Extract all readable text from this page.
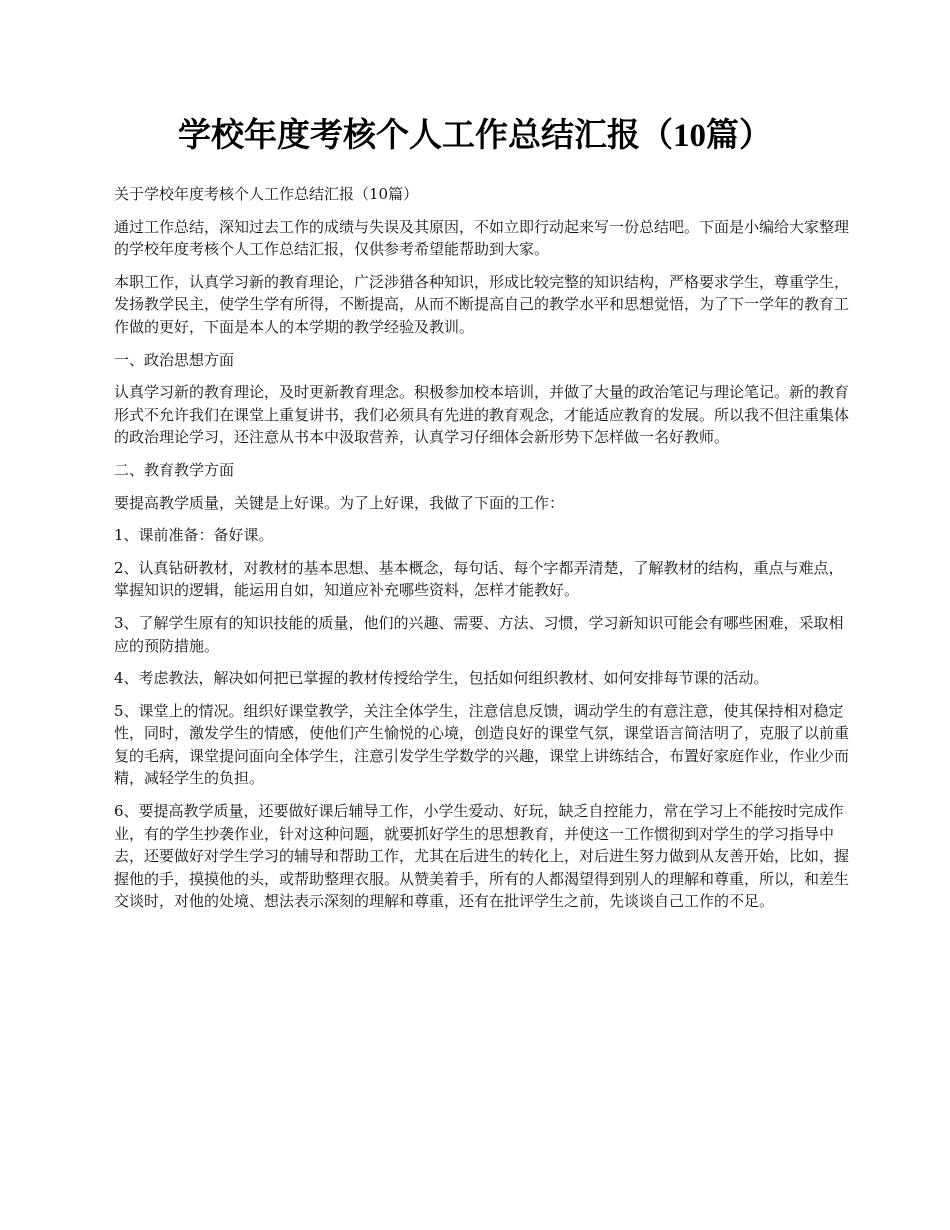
学校年度考核个人工作总结汇报（10篇）

关于学校年度考核个人工作总结汇报（10篇）

通过工作总结，深知过去工作的成绩与失误及其原因，不如立即行动起来写一份总结吧。下面是小编给大家整理的学校年度考核个人工作总结汇报，仅供参考希望能帮助到大家。

本职工作，认真学习新的教育理论，广泛涉猎各种知识，形成比较完整的知识结构，严格要求学生，尊重学生，发扬教学民主，使学生学有所得，不断提高，从而不断提高自己的教学水平和思想觉悟，为了下一学年的教育工作做的更好，下面是本人的本学期的教学经验及教训。

一、政治思想方面

认真学习新的教育理论，及时更新教育理念。积极参加校本培训，并做了大量的政治笔记与理论笔记。新的教育形式不允许我们在课堂上重复讲书，我们必须具有先进的教育观念，才能适应教育的发展。所以我不但注重集体的政治理论学习，还注意从书本中汲取营养，认真学习仔细体会新形势下怎样做一名好教师。

二、教育教学方面

要提高教学质量，关键是上好课。为了上好课，我做了下面的工作：

1、课前准备：备好课。

2、认真钻研教材，对教材的基本思想、基本概念，每句话、每个字都弄清楚，了解教材的结构，重点与难点，掌握知识的逻辑，能运用自如，知道应补充哪些资料，怎样才能教好。

3、了解学生原有的知识技能的质量，他们的兴趣、需要、方法、习惯，学习新知识可能会有哪些困难，采取相应的预防措施。

4、考虑教法，解决如何把已掌握的教材传授给学生，包括如何组织教材、如何安排每节课的活动。

5、课堂上的情况。组织好课堂教学，关注全体学生，注意信息反馈，调动学生的有意注意，使其保持相对稳定性，同时，激发学生的情感，使他们产生愉悦的心境，创造良好的课堂气氛，课堂语言简洁明了，克服了以前重复的毛病，课堂提问面向全体学生，注意引发学生学数学的兴趣，课堂上讲练结合，布置好家庭作业，作业少而精，减轻学生的负担。

6、要提高教学质量，还要做好课后辅导工作，小学生爱动、好玩，缺乏自控能力，常在学习上不能按时完成作业，有的学生抄袭作业，针对这种问题，就要抓好学生的思想教育，并使这一工作惯彻到对学生的学习指导中去，还要做好对学生学习的辅导和帮助工作，尤其在后进生的转化上，对后进生努力做到从友善开始，比如，握握他的手，摸摸他的头，或帮助整理衣服。从赞美着手，所有的人都渴望得到别人的理解和尊重，所以，和差生交谈时，对他的处境、想法表示深刻的理解和尊重，还有在批评学生之前，先谈谈自己工作的不足。
